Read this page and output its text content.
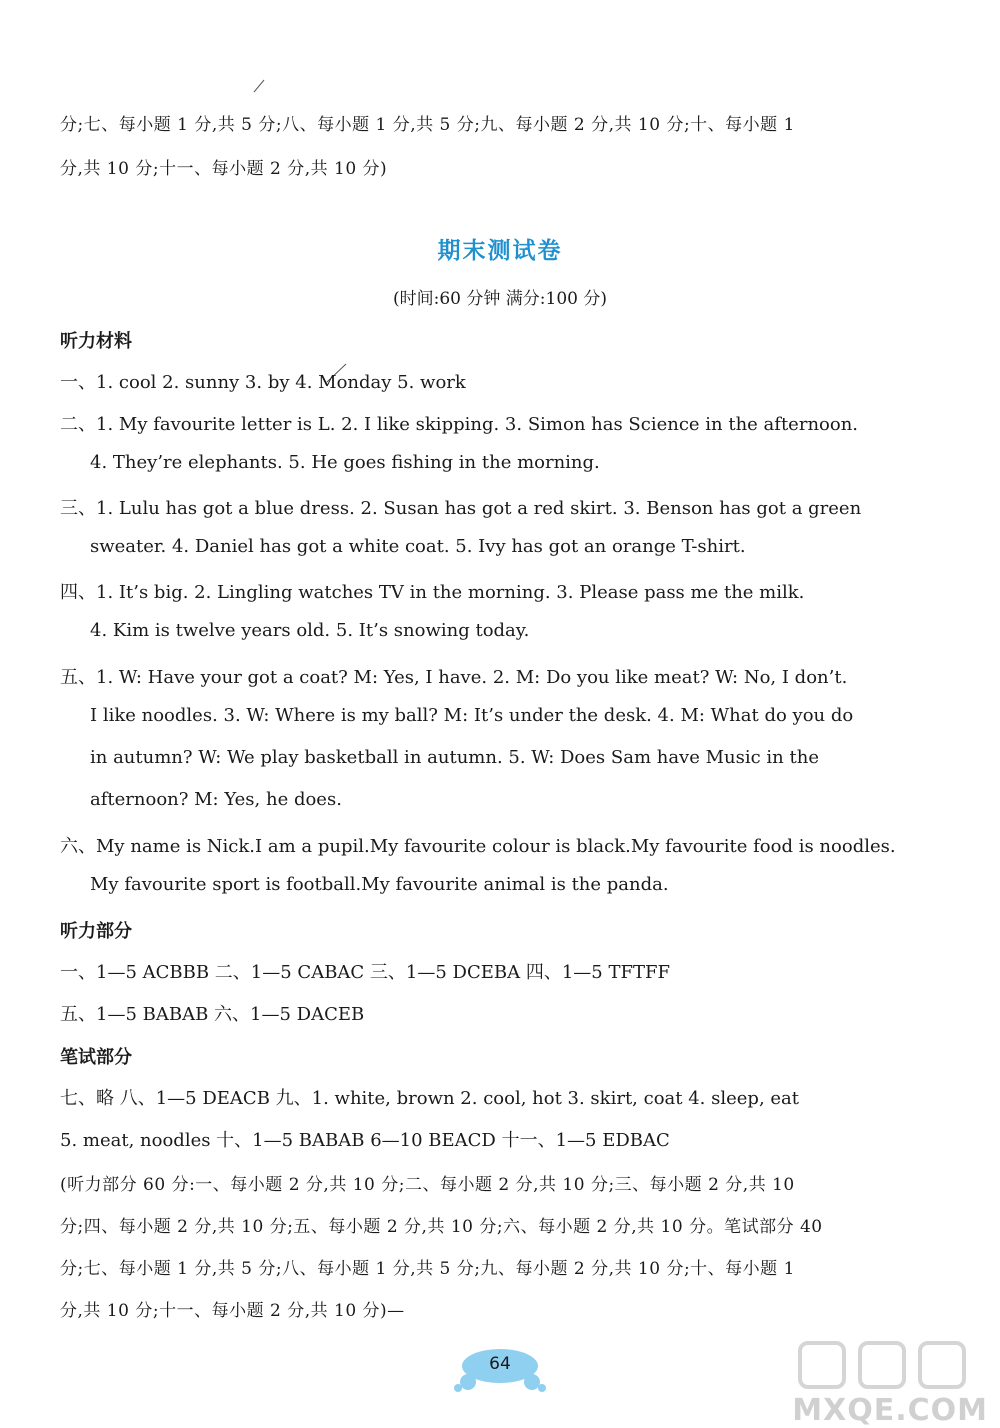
分;七、每小题 1 分,共 5 分;八、每小题 1 分,共 5 分;九、每小题 2 分,共 10 分;十、每小题 1
分,共 10 分;十一、每小题 2 分,共 10 分)
期末测试卷
(时间:60 分钟 满分:100 分)
听力材料
一、1. cool 2. sunny 3. by 4. Monday 5. work
二、1. My favourite letter is L. 2. I like skipping. 3. Simon has Science in the afternoon.
4. They’re elephants. 5. He goes fishing in the morning.
三、1. Lulu has got a blue dress. 2. Susan has got a red skirt. 3. Benson has got a green
sweater. 4. Daniel has got a white coat. 5. Ivy has got an orange T-shirt.
四、1. It’s big. 2. Lingling watches TV in the morning. 3. Please pass me the milk.
4. Kim is twelve years old. 5. It’s snowing today.
五、1. W: Have your got a coat? M: Yes, I have. 2. M: Do you like meat? W: No, I don’t.
I like noodles. 3. W: Where is my ball? M: It’s under the desk. 4. M: What do you do
in autumn? W: We play basketball in autumn. 5. W: Does Sam have Music in the
afternoon? M: Yes, he does.
六、My name is Nick.I am a pupil.My favourite colour is black.My favourite food is noodles.
My favourite sport is football.My favourite animal is the panda.
听力部分
一、1—5 ACBBB 二、1—5 CABAC 三、1—5 DCEBA 四、1—5 TFTFF
五、1—5 BABAB 六、1—5 DACEB
笔试部分
七、略 八、1—5 DEACB 九、1. white, brown 2. cool, hot 3. skirt, coat 4. sleep, eat
5. meat, noodles 十、1—5 BABAB 6—10 BEACD 十一、1—5 EDBAC
(听力部分 60 分:一、每小题 2 分,共 10 分;二、每小题 2 分,共 10 分;三、每小题 2 分,共 10
分;四、每小题 2 分,共 10 分;五、每小题 2 分,共 10 分;六、每小题 2 分,共 10 分。笔试部分 40
分;七、每小题 1 分,共 5 分;八、每小题 1 分,共 5 分;九、每小题 2 分,共 10 分;十、每小题 1
分,共 10 分;十一、每小题 2 分,共 10 分)—
64
MXQE.COM
